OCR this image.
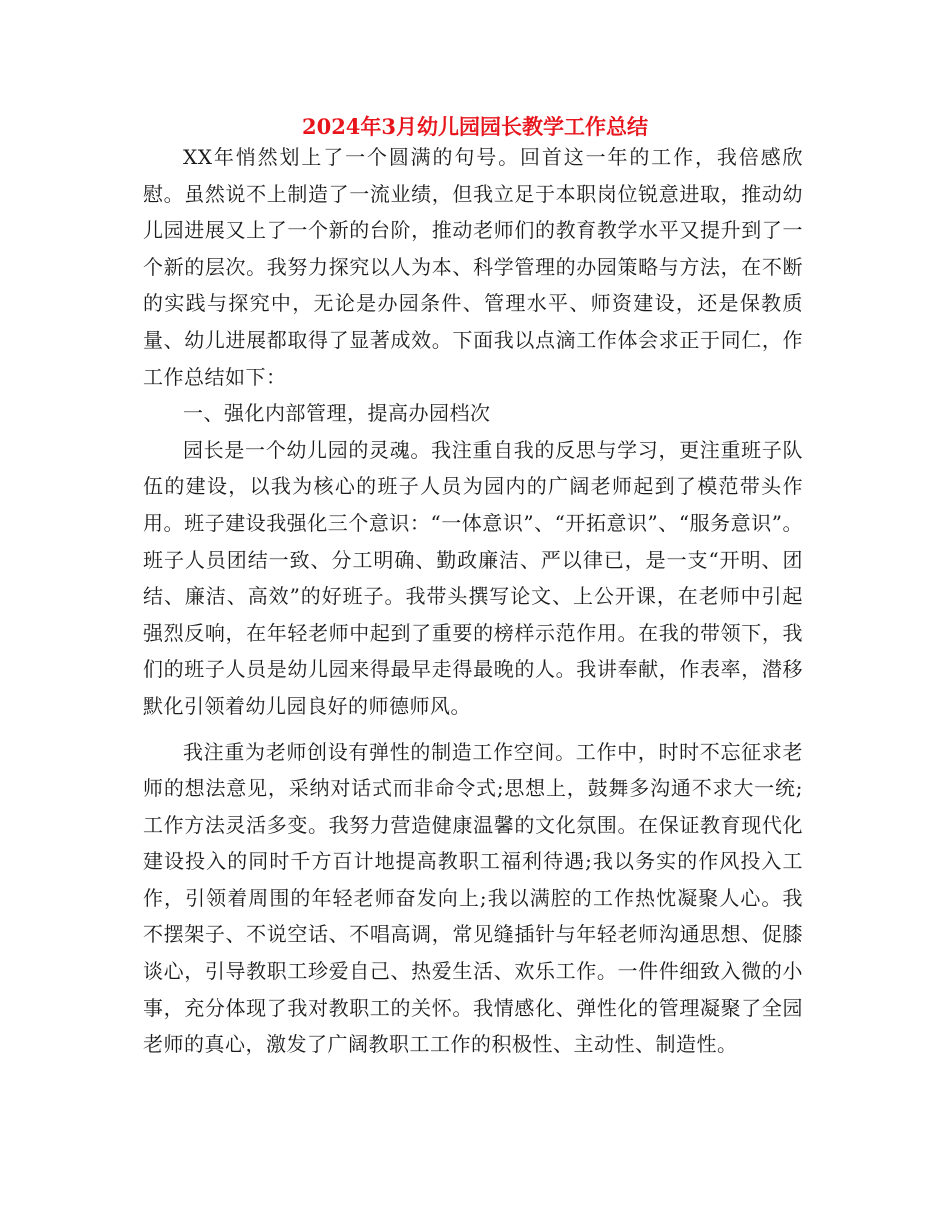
2024年3月幼儿园园长教学工作总结

XX年悄然划上了一个圆满的句号。回首这一年的工作，我倍感欣慰。虽然说不上制造了一流业绩，但我立足于本职岗位锐意进取，推动幼儿园进展又上了一个新的台阶，推动老师们的教育教学水平又提升到了一个新的层次。我努力探究以人为本、科学管理的办园策略与方法，在不断的实践与探究中，无论是办园条件、管理水平、师资建设，还是保教质量、幼儿进展都取得了显著成效。下面我以点滴工作体会求正于同仁，作工作总结如下：

一、强化内部管理，提高办园档次

园长是一个幼儿园的灵魂。我注重自我的反思与学习，更注重班子队伍的建设，以我为核心的班子人员为园内的广阔老师起到了模范带头作用。班子建设我强化三个意识：“一体意识”、“开拓意识”、“服务意识”。班子人员团结一致、分工明确、勤政廉洁、严以律已，是一支“开明、团结、廉洁、高效”的好班子。我带头撰写论文、上公开课，在老师中引起强烈反响，在年轻老师中起到了重要的榜样示范作用。在我的带领下，我们的班子人员是幼儿园来得最早走得最晚的人。我讲奉献，作表率，潜移默化引领着幼儿园良好的师德师风。

我注重为老师创设有弹性的制造工作空间。工作中，时时不忘征求老师的想法意见，采纳对话式而非命令式;思想上，鼓舞多沟通不求大一统;工作方法灵活多变。我努力营造健康温馨的文化氛围。在保证教育现代化建设投入的同时千方百计地提高教职工福利待遇;我以务实的作风投入工作，引领着周围的年轻老师奋发向上;我以满腔的工作热忱凝聚人心。我不摆架子、不说空话、不唱高调，常见缝插针与年轻老师沟通思想、促膝谈心，引导教职工珍爱自己、热爱生活、欢乐工作。一件件细致入微的小事，充分体现了我对教职工的关怀。我情感化、弹性化的管理凝聚了全园老师的真心，激发了广阔教职工工作的积极性、主动性、制造性。
